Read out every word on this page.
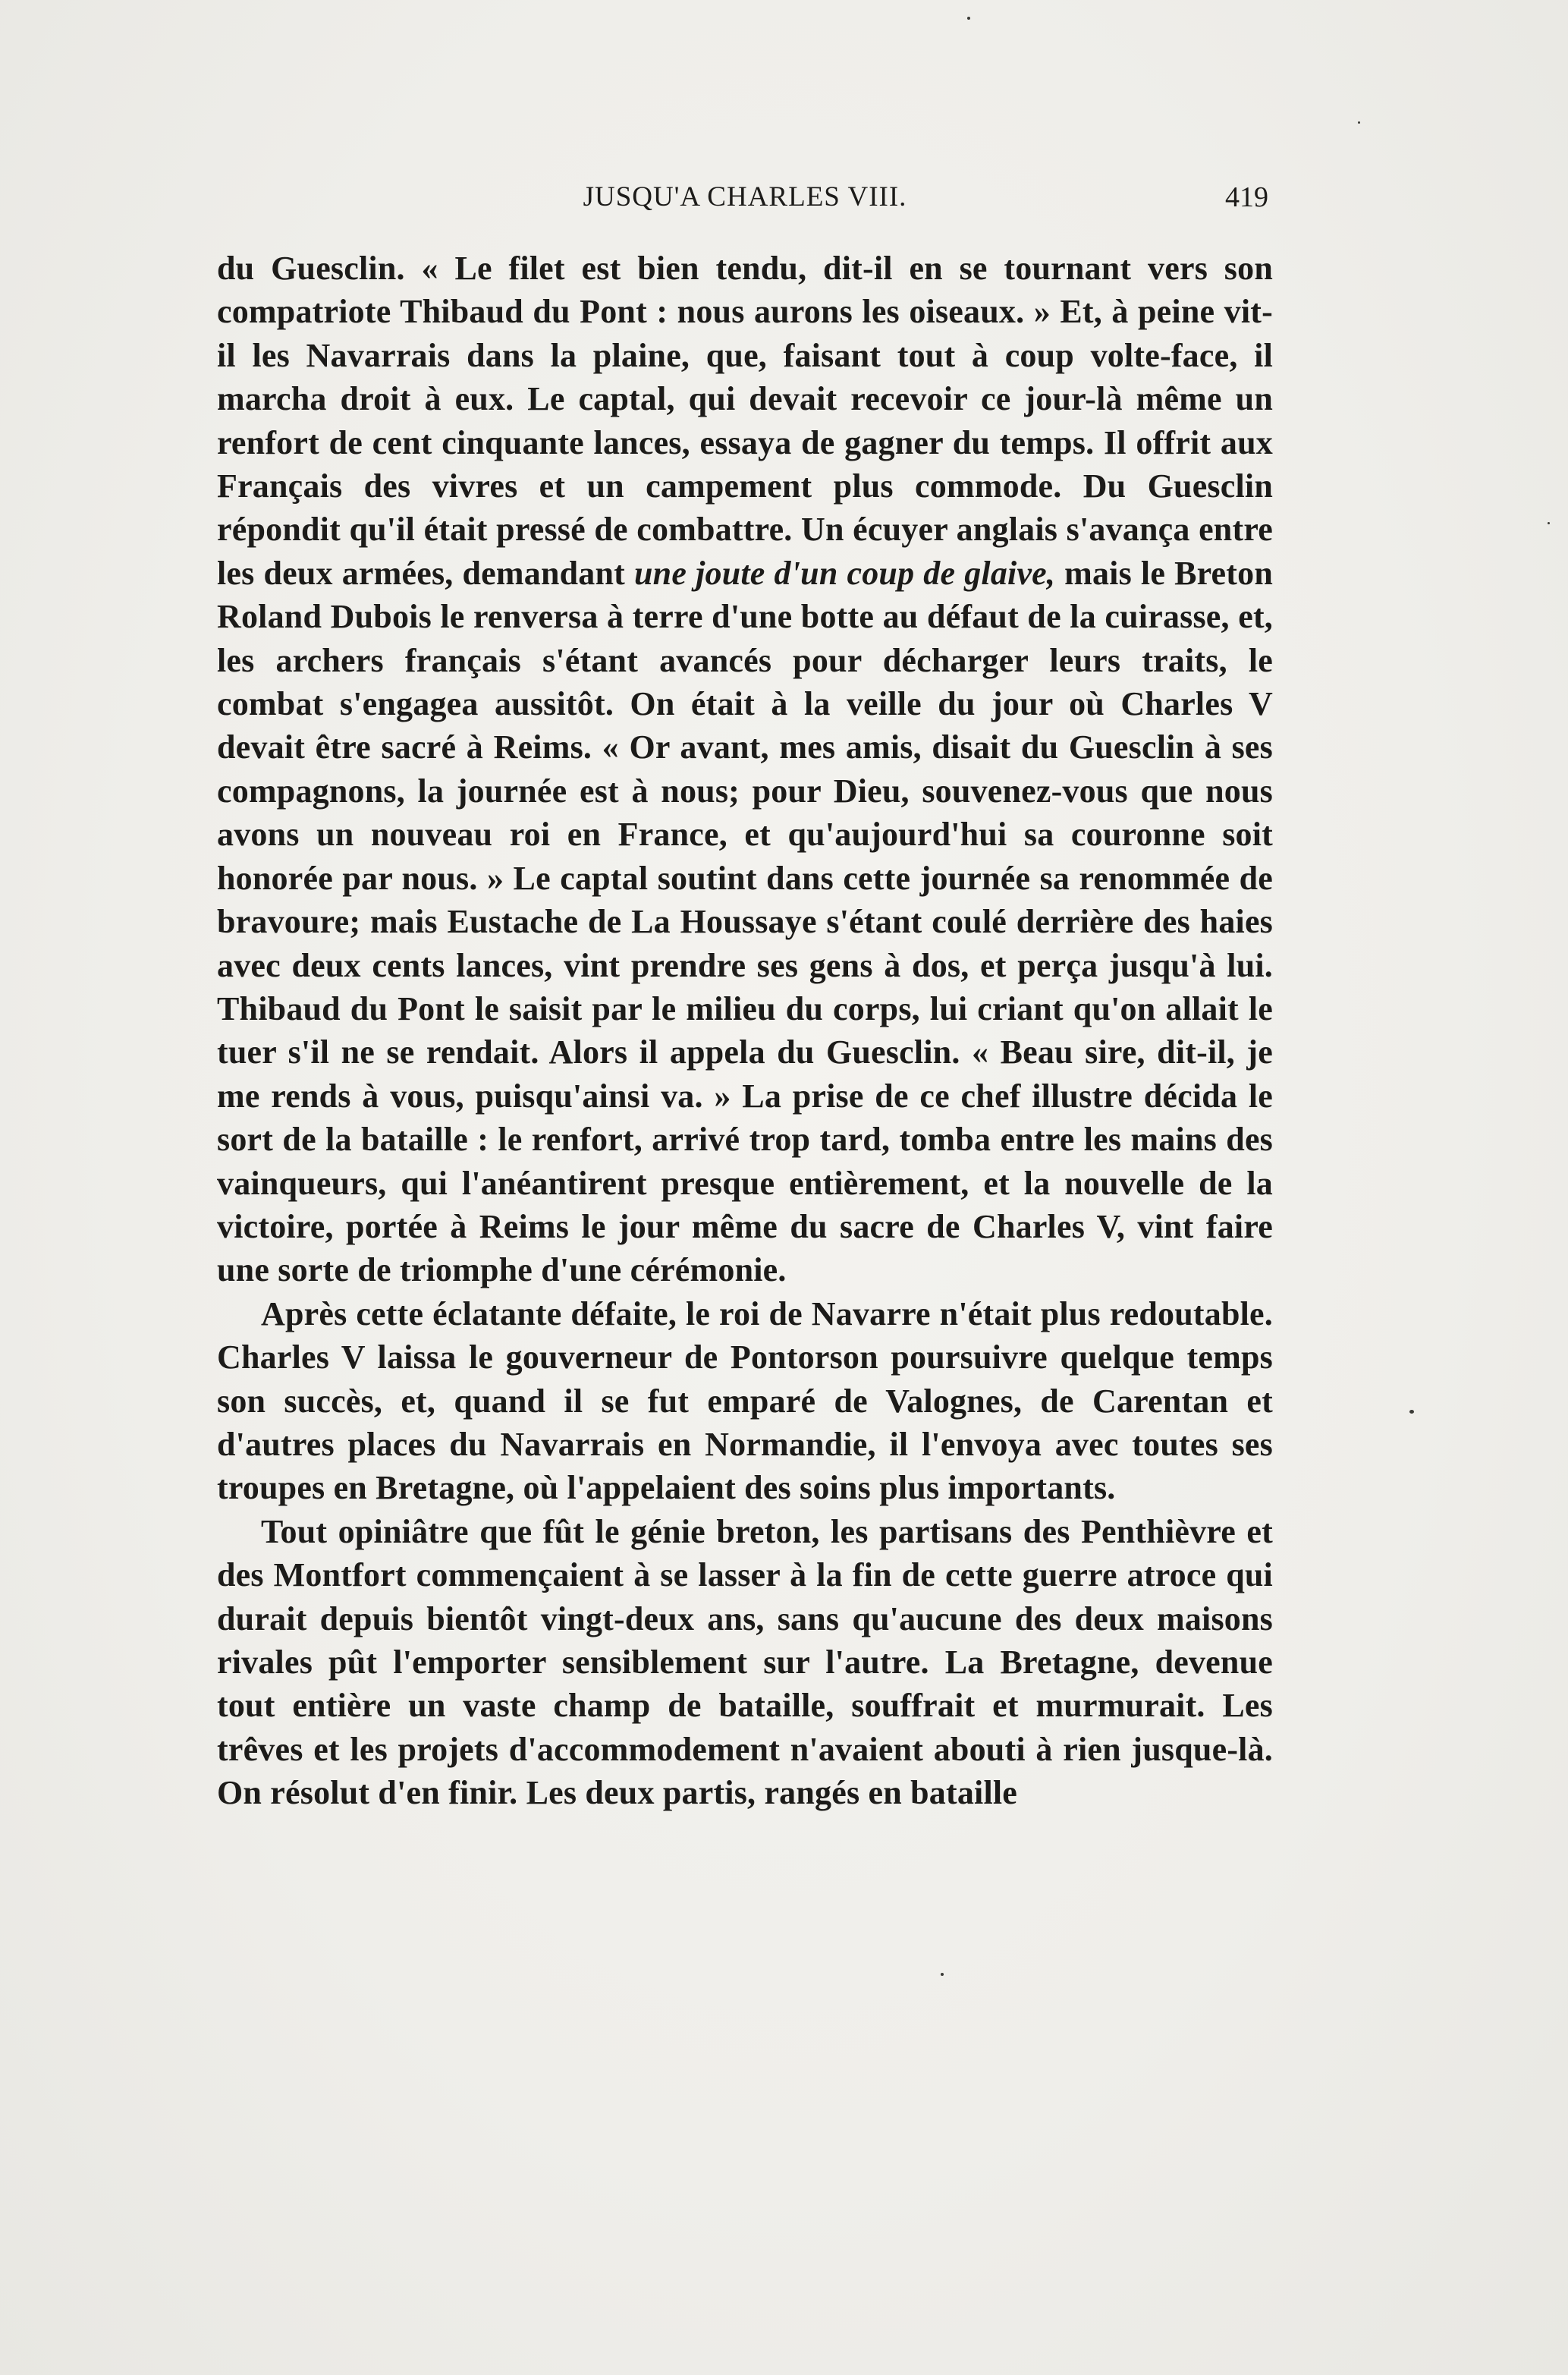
JUSQU'A CHARLES VIII.	419

du Guesclin. « Le filet est bien tendu, dit-il en se tournant vers son compatriote Thibaud du Pont : nous aurons les oiseaux. » Et, à peine vit-il les Navarrais dans la plaine, que, faisant tout à coup volte-face, il marcha droit à eux. Le captal, qui devait recevoir ce jour-là même un renfort de cent cinquante lances, essaya de gagner du temps. Il offrit aux Français des vivres et un campement plus commode. Du Guesclin répondit qu'il était pressé de combattre. Un écuyer anglais s'avança entre les deux armées, demandant une joute d'un coup de glaive, mais le Breton Roland Dubois le renversa à terre d'une botte au défaut de la cuirasse, et, les archers français s'étant avancés pour décharger leurs traits, le combat s'engagea aussitôt. On était à la veille du jour où Charles V devait être sacré à Reims. « Or avant, mes amis, disait du Guesclin à ses compagnons, la journée est à nous; pour Dieu, souvenez-vous que nous avons un nouveau roi en France, et qu'aujourd'hui sa couronne soit honorée par nous. » Le captal soutint dans cette journée sa renommée de bravoure; mais Eustache de La Houssaye s'étant coulé derrière des haies avec deux cents lances, vint prendre ses gens à dos, et perça jusqu'à lui. Thibaud du Pont le saisit par le milieu du corps, lui criant qu'on allait le tuer s'il ne se rendait. Alors il appela du Guesclin. « Beau sire, dit-il, je me rends à vous, puisqu'ainsi va. » La prise de ce chef illustre décida le sort de la bataille : le renfort, arrivé trop tard, tomba entre les mains des vainqueurs, qui l'anéantirent presque entièrement, et la nouvelle de la victoire, portée à Reims le jour même du sacre de Charles V, vint faire une sorte de triomphe d'une cérémonie.

Après cette éclatante défaite, le roi de Navarre n'était plus redoutable. Charles V laissa le gouverneur de Pontorson poursuivre quelque temps son succès, et, quand il se fut emparé de Valognes, de Carentan et d'autres places du Navarrais en Normandie, il l'envoya avec toutes ses troupes en Bretagne, où l'appelaient des soins plus importants.

Tout opiniâtre que fût le génie breton, les partisans des Penthièvre et des Montfort commençaient à se lasser à la fin de cette guerre atroce qui durait depuis bientôt vingt-deux ans, sans qu'aucune des deux maisons rivales pût l'emporter sensiblement sur l'autre. La Bretagne, devenue tout entière un vaste champ de bataille, souffrait et murmurait. Les trêves et les projets d'accommodement n'avaient abouti à rien jusque-là. On résolut d'en finir. Les deux partis, rangés en bataille
